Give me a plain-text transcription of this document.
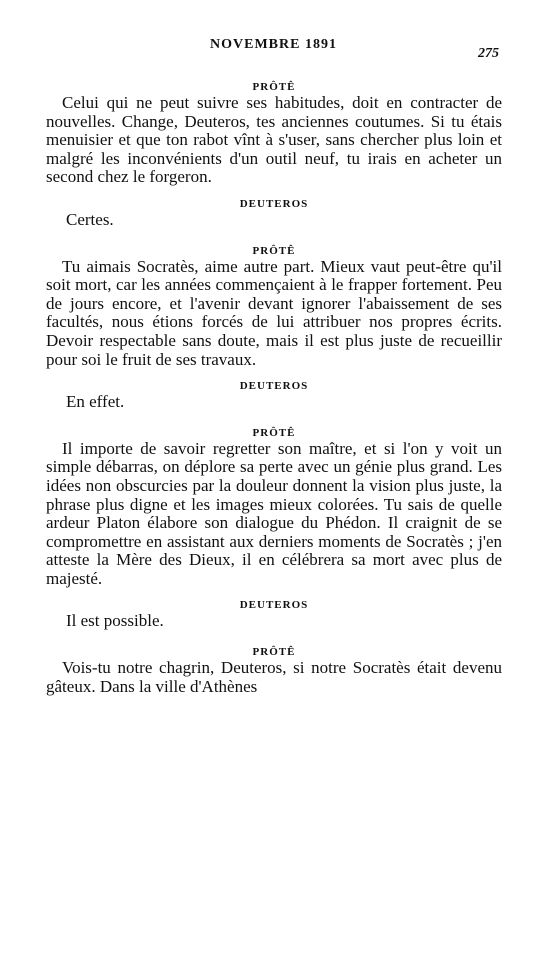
NOVEMBRE 1891
275

PRÔTÊ

Celui qui ne peut suivre ses habitudes, doit en contracter de nouvelles. Change, Deuteros, tes anciennes coutumes. Si tu étais menuisier et que ton rabot vînt à s'user, sans chercher plus loin et malgré les inconvénients d'un outil neuf, tu irais en acheter un second chez le forgeron.

DEUTEROS

Certes.

PRÔTÊ

Tu aimais Socratès, aime autre part. Mieux vaut peut-être qu'il soit mort, car les années commençaient à le frapper fortement. Peu de jours encore, et l'avenir devant ignorer l'abaissement de ses facultés, nous étions forcés de lui attribuer nos propres écrits. Devoir respectable sans doute, mais il est plus juste de recueillir pour soi le fruit de ses travaux.

DEUTEROS

En effet.

PRÔTÊ

Il importe de savoir regretter son maître, et si l'on y voit un simple débarras, on déplore sa perte avec un génie plus grand. Les idées non obscurcies par la douleur donnent la vision plus juste, la phrase plus digne et les images mieux colorées. Tu sais de quelle ardeur Platon élabore son dialogue du Phédon. Il craignit de se compromettre en assistant aux derniers moments de Socratès ; j'en atteste la Mère des Dieux, il en célébrera sa mort avec plus de majesté.

DEUTEROS

Il est possible.

PRÔTÊ

Vois-tu notre chagrin, Deuteros, si notre Socratès était devenu gâteux. Dans la ville d'Athènes
